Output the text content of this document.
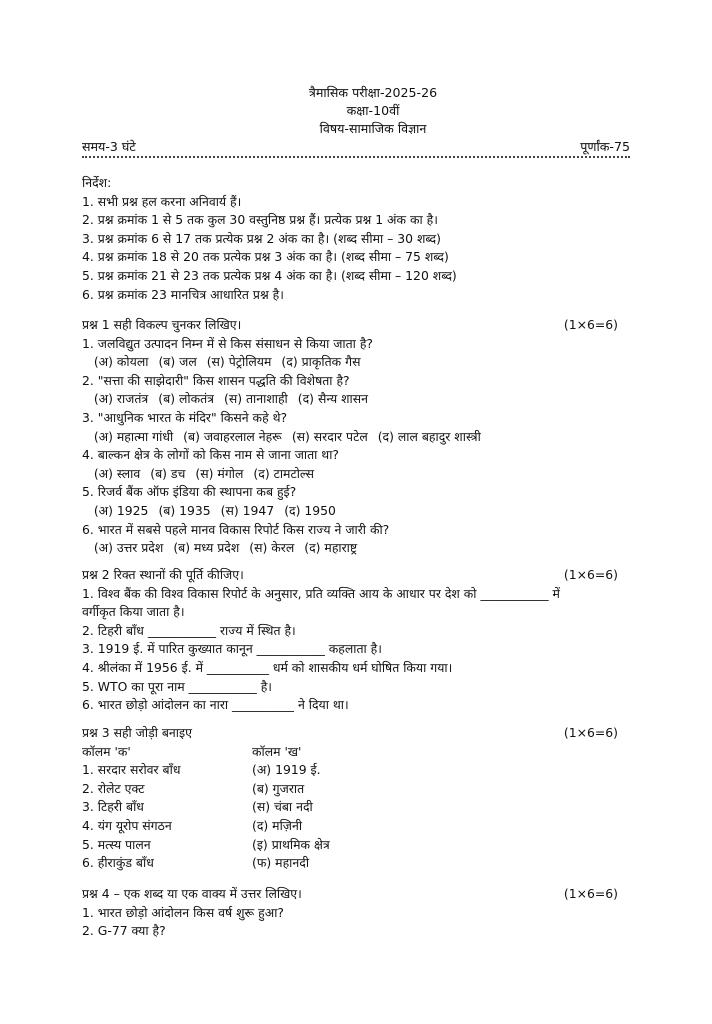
त्रैमासिक परीक्षा-2025-26
कक्षा-10वीं
विषय-सामाजिक विज्ञान
समय-3 घंटे	पूर्णांक-75
निर्देश:
1. सभी प्रश्न हल करना अनिवार्य हैं।
2. प्रश्न क्रमांक 1 से 5 तक कुल 30 वस्तुनिष्ठ प्रश्न हैं। प्रत्येक प्रश्न 1 अंक का है।
3. प्रश्न क्रमांक 6 से 17 तक प्रत्येक प्रश्न 2 अंक का है। (शब्द सीमा – 30 शब्द)
4. प्रश्न क्रमांक 18 से 20 तक प्रत्येक प्रश्न 3 अंक का है। (शब्द सीमा – 75 शब्द)
5. प्रश्न क्रमांक 21 से 23 तक प्रत्येक प्रश्न 4 अंक का है। (शब्द सीमा – 120 शब्द)
6. प्रश्न क्रमांक 23 मानचित्र आधारित प्रश्न है।
प्रश्न 1 सही विकल्प चुनकर लिखिए।	(1×6=6)
1. जलविद्युत उत्पादन निम्न में से किस संसाधन से किया जाता है?
(अ) कोयला (ब) जल (स) पेट्रोलियम (द) प्राकृतिक गैस
2. "सत्ता की साझेदारी" किस शासन पद्धति की विशेषता है?
(अ) राजतंत्र (ब) लोकतंत्र (स) तानाशाही (द) सैन्य शासन
3. "आधुनिक भारत के मंदिर" किसने कहे थे?
(अ) महात्मा गांधी (ब) जवाहरलाल नेहरू (स) सरदार पटेल (द) लाल बहादुर शास्त्री
4. बाल्कन क्षेत्र के लोगों को किस नाम से जाना जाता था?
(अ) स्लाव (ब) डच (स) मंगोल (द) टामटोल्स
5. रिजर्व बैंक ऑफ इंडिया की स्थापना कब हुई?
(अ) 1925 (ब) 1935 (स) 1947 (द) 1950
6. भारत में सबसे पहले मानव विकास रिपोर्ट किस राज्य ने जारी की?
(अ) उत्तर प्रदेश (ब) मध्य प्रदेश (स) केरल (द) महाराष्ट्र
प्रश्न 2 रिक्त स्थानों की पूर्ति कीजिए।	(1×6=6)
1. विश्व बैंक की विश्व विकास रिपोर्ट के अनुसार, प्रति व्यक्ति आय के आधार पर देश को ___________ में
वर्गीकृत किया जाता है।
2. टिहरी बाँध ___________ राज्य में स्थित है।
3. 1919 ई. में पारित कुख्यात कानून ___________ कहलाता है।
4. श्रीलंका में 1956 ई. में __________ धर्म को शासकीय धर्म घोषित किया गया।
5. WTO का पूरा नाम ___________ है।
6. भारत छोड़ो आंदोलन का नारा __________ ने दिया था।
प्रश्न 3 सही जोड़ी बनाइए	(1×6=6)
कॉलम 'क'	कॉलम 'ख'
1. सरदार सरोवर बाँध	(अ) 1919 ई.
2. रोलेट एक्ट	(ब) गुजरात
3. टिहरी बाँध	(स) चंबा नदी
4. यंग यूरोप संगठन	(द) मज़िनी
5. मत्स्य पालन	(इ) प्राथमिक क्षेत्र
6. हीराकुंड बाँध	(फ) महानदी
प्रश्न 4 – एक शब्द या एक वाक्य में उत्तर लिखिए।	(1×6=6)
1. भारत छोड़ो आंदोलन किस वर्ष शुरू हुआ?
2. G-77 क्या है?
